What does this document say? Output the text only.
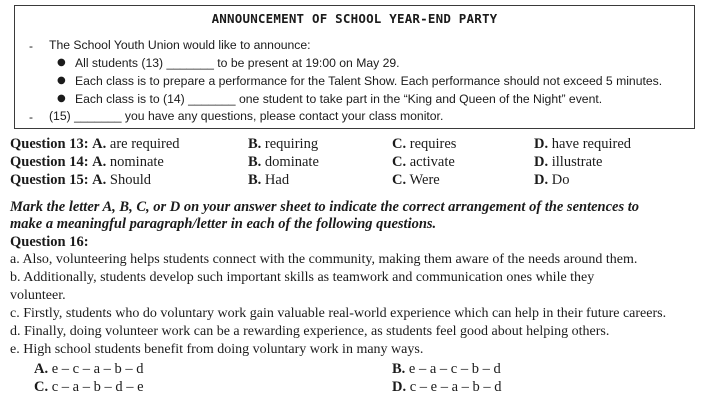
ANNOUNCEMENT OF SCHOOL YEAR-END PARTY
- The School Youth Union would like to announce:
● All students (13) _______ to be present at 19:00 on May 29.
● Each class is to prepare a performance for the Talent Show. Each performance should not exceed 5 minutes.
● Each class is to (14) _______ one student to take part in the “King and Queen of the Night” event.
- (15) _______ you have any questions, please contact your class monitor.
Question 13: A. are required	B. requiring	C. requires	D. have required
Question 14: A. nominate	B. dominate	C. activate	D. illustrate
Question 15: A. Should	B. Had	C. Were	D. Do
Mark the letter A, B, C, or D on your answer sheet to indicate the correct arrangement of the sentences to
make a meaningful paragraph/letter in each of the following questions.
Question 16:
a. Also, volunteering helps students connect with the community, making them aware of the needs around them.
b. Additionally, students develop such important skills as teamwork and communication ones while they
volunteer.
c. Firstly, students who do voluntary work gain valuable real-world experience which can help in their future careers.
d. Finally, doing volunteer work can be a rewarding experience, as students feel good about helping others.
e. High school students benefit from doing voluntary work in many ways.
A. e – c – a – b – d	B. e – a – c – b – d
C. c – a – b – d – e	D. c – e – a – b – d
